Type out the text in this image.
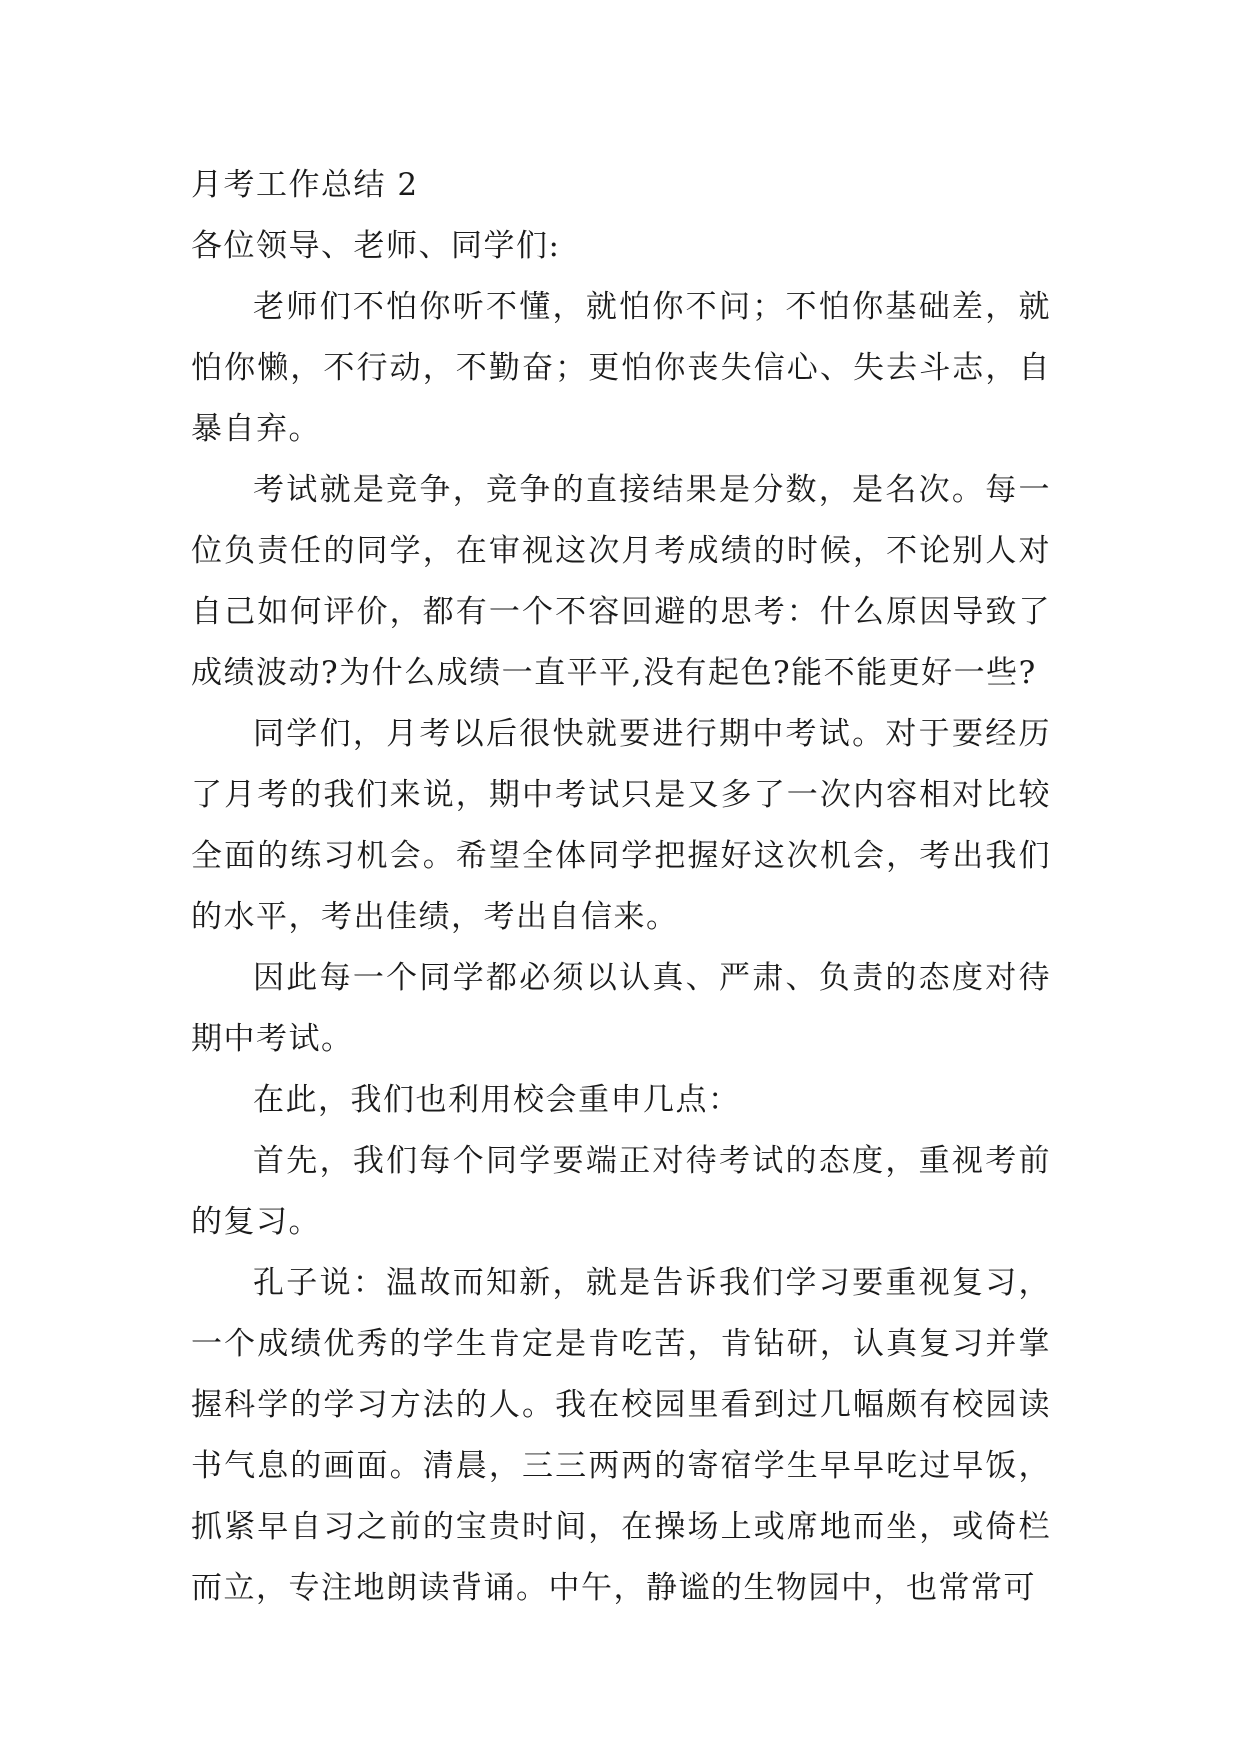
月考工作总结 2

各位领导、老师、同学们:

老师们不怕你听不懂，就怕你不问；不怕你基础差，就怕你懒，不行动，不勤奋；更怕你丧失信心、失去斗志，自暴自弃。

考试就是竞争，竞争的直接结果是分数，是名次。每一位负责任的同学，在审视这次月考成绩的时候，不论别人对自己如何评价，都有一个不容回避的思考：什么原因导致了成绩波动?为什么成绩一直平平,没有起色?能不能更好一些?

同学们，月考以后很快就要进行期中考试。对于要经历了月考的我们来说，期中考试只是又多了一次内容相对比较全面的练习机会。希望全体同学把握好这次机会，考出我们的水平，考出佳绩，考出自信来。

因此每一个同学都必须以认真、严肃、负责的态度对待期中考试。

在此，我们也利用校会重申几点：

首先，我们每个同学要端正对待考试的态度，重视考前的复习。

孔子说：温故而知新，就是告诉我们学习要重视复习，一个成绩优秀的学生肯定是肯吃苦，肯钻研，认真复习并掌握科学的学习方法的人。我在校园里看到过几幅颇有校园读书气息的画面。清晨，三三两两的寄宿学生早早吃过早饭，抓紧早自习之前的宝贵时间，在操场上或席地而坐，或倚栏而立，专注地朗读背诵。中午，静谧的生物园中，也常常可
